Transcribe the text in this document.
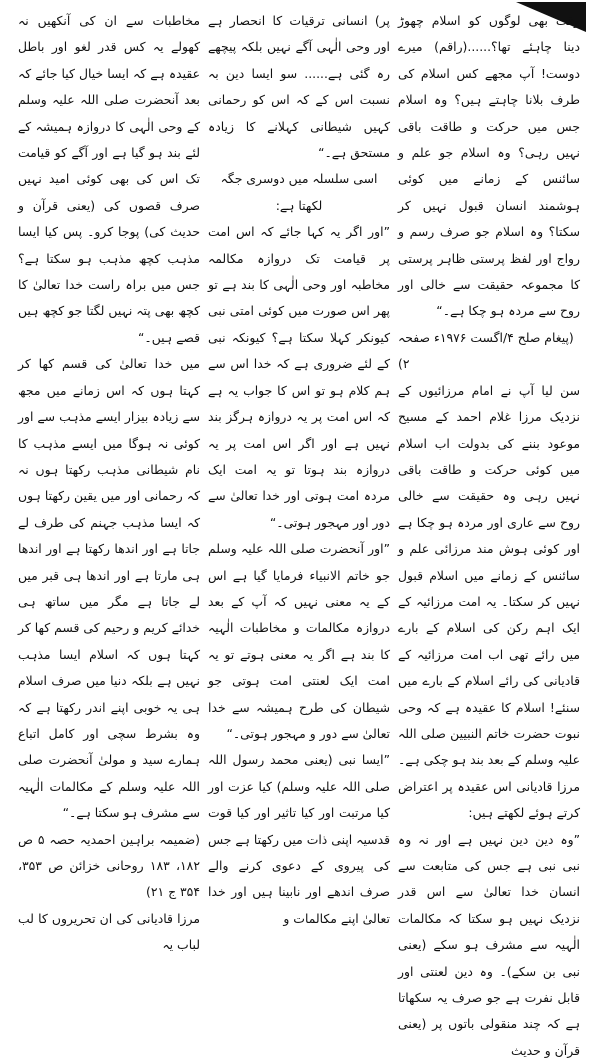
وقت بھی لوگوں کو اسلام چھوڑ دینا چاہئے تھا؟......(راقم) میرے دوست! آپ مجھے کس اسلام کی طرف بلانا چاہتے ہیں؟ وہ اسلام جس میں حرکت و طاقت باقی نہیں رہی؟ وہ اسلام جو علم و سائنس کے زمانے میں کوئی ہوشمند انسان قبول نہیں کر سکتا؟ وہ اسلام جو صرف رسم و رواج اور لفظ پرستی ظاہر پرستی کا مجموعہ حقیقت سے خالی اور روح سے مردہ ہو چکا ہے۔“

(پیغام صلح ۴/اگست ۱۹۷۶ء صفحہ ۲)

سن لیا آپ نے امام مرزائیوں کے نزدیک مرزا غلام احمد کے مسیح موعود بننے کی بدولت اب اسلام میں کوئی حرکت و طاقت باقی نہیں رہی وہ حقیقت سے خالی روح سے عاری اور مردہ ہو چکا ہے اور کوئی ہوش مند مرزائی علم و سائنس کے زمانے میں اسلام قبول نہیں کر سکتا۔ یہ امت مرزائیہ کے ایک اہم رکن کی اسلام کے بارے میں رائے تھی اب امت مرزائیہ کے قادیانی کی رائے اسلام کے بارے میں سنئے! اسلام کا عقیدہ ہے کہ وحی نبوت حضرت خاتم النبیین صلی اللہ علیہ وسلم کے بعد بند ہو چکی ہے۔ مرزا قادیانی اس عقیدہ پر اعتراض کرتے ہوئے لکھتے ہیں:

”وہ دین دین نہیں ہے اور نہ وہ نبی نبی ہے جس کی متابعت سے انسان خدا تعالیٰ سے اس قدر نزدیک نہیں ہو سکتا کہ مکالمات الٰہیہ سے مشرف ہو سکے (یعنی نبی بن سکے)۔ وہ دین لعنتی اور قابل نفرت ہے جو صرف یہ سکھاتا ہے کہ چند منقولی باتوں پر (یعنی قرآن و حدیث

پر) انسانی ترقیات کا انحصار ہے اور وحی الٰہی آگے نہیں بلکہ پیچھے رہ گئی ہے...... سو ایسا دین بہ نسبت اس کے کہ اس کو رحمانی کہیں شیطانی کہلانے کا زیادہ مستحق ہے۔“

اسی سلسلہ میں دوسری جگہ لکھتا ہے:

”اور اگر یہ کہا جائے کہ اس امت پر قیامت تک دروازہ مکالمہ مخاطبہ اور وحی الٰہی کا بند ہے تو پھر اس صورت میں کوئی امتی نبی کیونکر کہلا سکتا ہے؟ کیونکہ نبی کے لئے ضروری ہے کہ خدا اس سے ہم کلام ہو تو اس کا جواب یہ ہے کہ اس امت پر یہ دروازہ ہرگز بند نہیں ہے اور اگر اس امت پر یہ دروازہ بند ہوتا تو یہ امت ایک مردہ امت ہوتی اور خدا تعالیٰ سے دور اور مہجور ہوتی۔“

”اور آنحضرت صلی اللہ علیہ وسلم جو خاتم الانبیاء فرمایا گیا ہے اس کے یہ معنی نہیں کہ آپ کے بعد دروازہ مکالمات و مخاطبات الٰہیہ کا بند ہے اگر یہ معنی ہوتے تو یہ امت ایک لعنتی امت ہوتی جو شیطان کی طرح ہمیشہ سے خدا تعالیٰ سے دور و مہجور ہوتی۔“

”ایسا نبی (یعنی محمد رسول اللہ صلی اللہ علیہ وسلم) کیا عزت اور کیا مرتبت اور کیا تاثیر اور کیا قوت قدسیہ اپنی ذات میں رکھتا ہے جس کی پیروی کے دعوی کرنے والے صرف اندھے اور نابینا ہیں اور خدا تعالیٰ اپنے مکالمات و

مخاطبات سے ان کی آنکھیں نہ کھولے یہ کس قدر لغو اور باطل عقیدہ ہے کہ ایسا خیال کیا جائے کہ بعد آنحضرت صلی اللہ علیہ وسلم کے وحی الٰہی کا دروازہ ہمیشہ کے لئے بند ہو گیا ہے اور آگے کو قیامت تک اس کی بھی کوئی امید نہیں صرف قصوں کی (یعنی قرآن و حدیث کی) پوجا کرو۔ پس کیا ایسا مذہب کچھ مذہب ہو سکتا ہے؟ جس میں براہ راست خدا تعالیٰ کا کچھ بھی پتہ نہیں لگتا جو کچھ ہیں قصے ہیں۔“

میں خدا تعالیٰ کی قسم کھا کر کہتا ہوں کہ اس زمانے میں مجھ سے زیادہ بیزار ایسے مذہب سے اور کوئی نہ ہوگا میں ایسے مذہب کا نام شیطانی مذہب رکھتا ہوں نہ کہ رحمانی اور میں یقین رکھتا ہوں کہ ایسا مذہب جہنم کی طرف لے جاتا ہے اور اندھا رکھتا ہے اور اندھا ہی مارتا ہے اور اندھا ہی قبر میں لے جاتا ہے مگر میں ساتھ ہی خدائے کریم و رحیم کی قسم کھا کر کہتا ہوں کہ اسلام ایسا مذہب نہیں ہے بلکہ دنیا میں صرف اسلام ہی یہ خوبی اپنے اندر رکھتا ہے کہ وہ بشرط سچی اور کامل اتباع ہمارے سید و مولیٰ آنحضرت صلی اللہ علیہ وسلم کے مکالمات الٰہیہ سے مشرف ہو سکتا ہے۔“

(ضمیمہ براہین احمدیہ حصہ ۵ ص ۱۸۲، ۱۸۳ روحانی خزائن ص ۳۵۳، ۳۵۴ ج ۲۱)

مرزا قادیانی کی ان تحریروں کا لب لباب یہ
